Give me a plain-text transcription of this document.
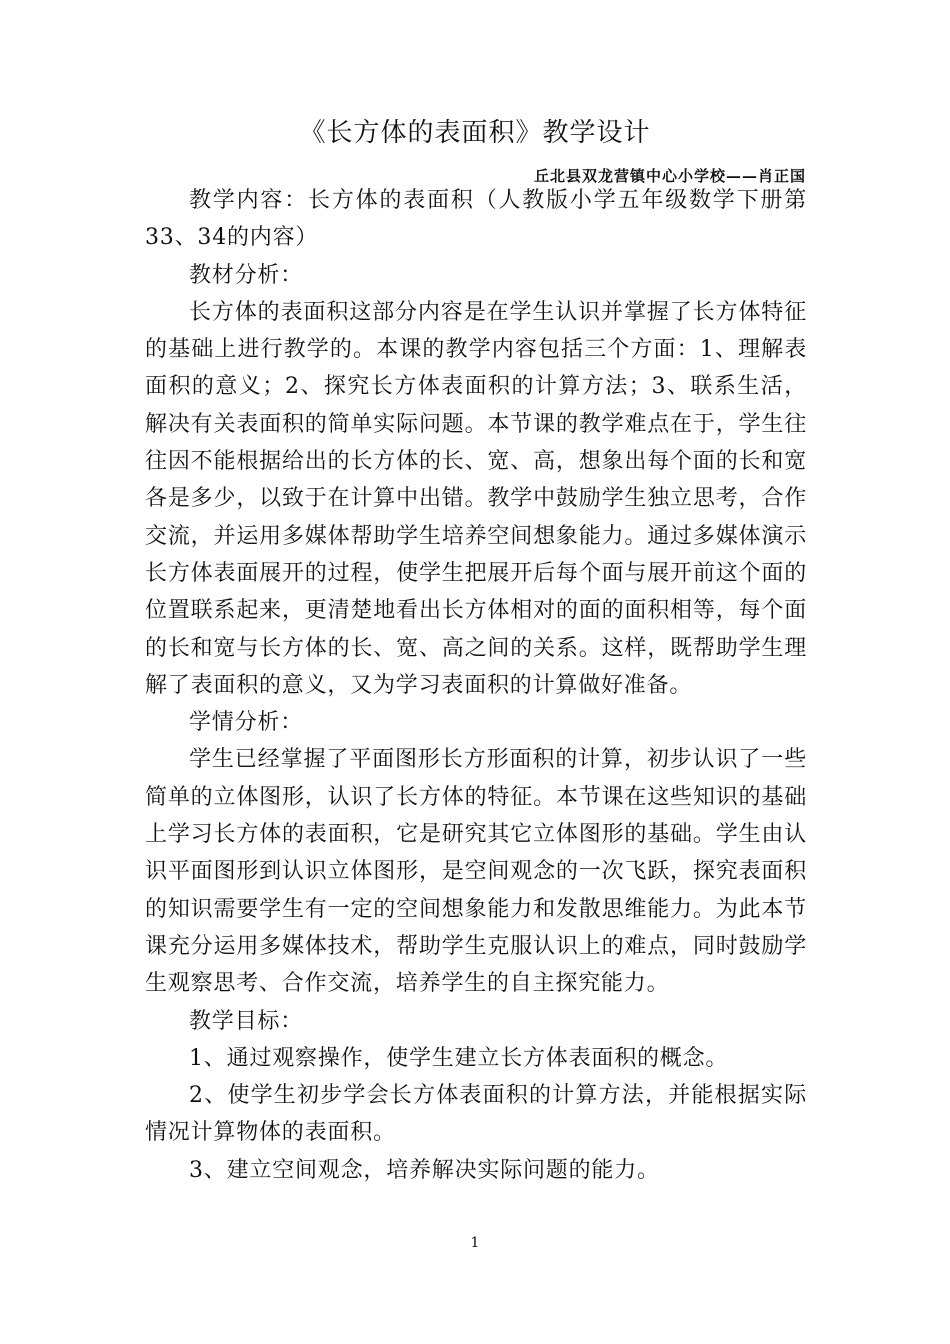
《长方体的表面积》教学设计
丘北县双龙营镇中心小学校——肖正国

教学内容：长方体的表面积（人教版小学五年级数学下册第33、34的内容）

教材分析：

长方体的表面积这部分内容是在学生认识并掌握了长方体特征的基础上进行教学的。本课的教学内容包括三个方面：1、理解表面积的意义；2、探究长方体表面积的计算方法；3、联系生活，解决有关表面积的简单实际问题。本节课的教学难点在于，学生往往因不能根据给出的长方体的长、宽、高，想象出每个面的长和宽各是多少，以致于在计算中出错。教学中鼓励学生独立思考，合作交流，并运用多媒体帮助学生培养空间想象能力。通过多媒体演示长方体表面展开的过程，使学生把展开后每个面与展开前这个面的位置联系起来，更清楚地看出长方体相对的面的面积相等，每个面的长和宽与长方体的长、宽、高之间的关系。这样，既帮助学生理解了表面积的意义，又为学习表面积的计算做好准备。

学情分析：

学生已经掌握了平面图形长方形面积的计算，初步认识了一些简单的立体图形，认识了长方体的特征。本节课在这些知识的基础上学习长方体的表面积，它是研究其它立体图形的基础。学生由认识平面图形到认识立体图形，是空间观念的一次飞跃，探究表面积的知识需要学生有一定的空间想象能力和发散思维能力。为此本节课充分运用多媒体技术，帮助学生克服认识上的难点，同时鼓励学生观察思考、合作交流，培养学生的自主探究能力。

教学目标：

1、通过观察操作，使学生建立长方体表面积的概念。

2、使学生初步学会长方体表面积的计算方法，并能根据实际情况计算物体的表面积。

3、建立空间观念，培养解决实际问题的能力。

1
